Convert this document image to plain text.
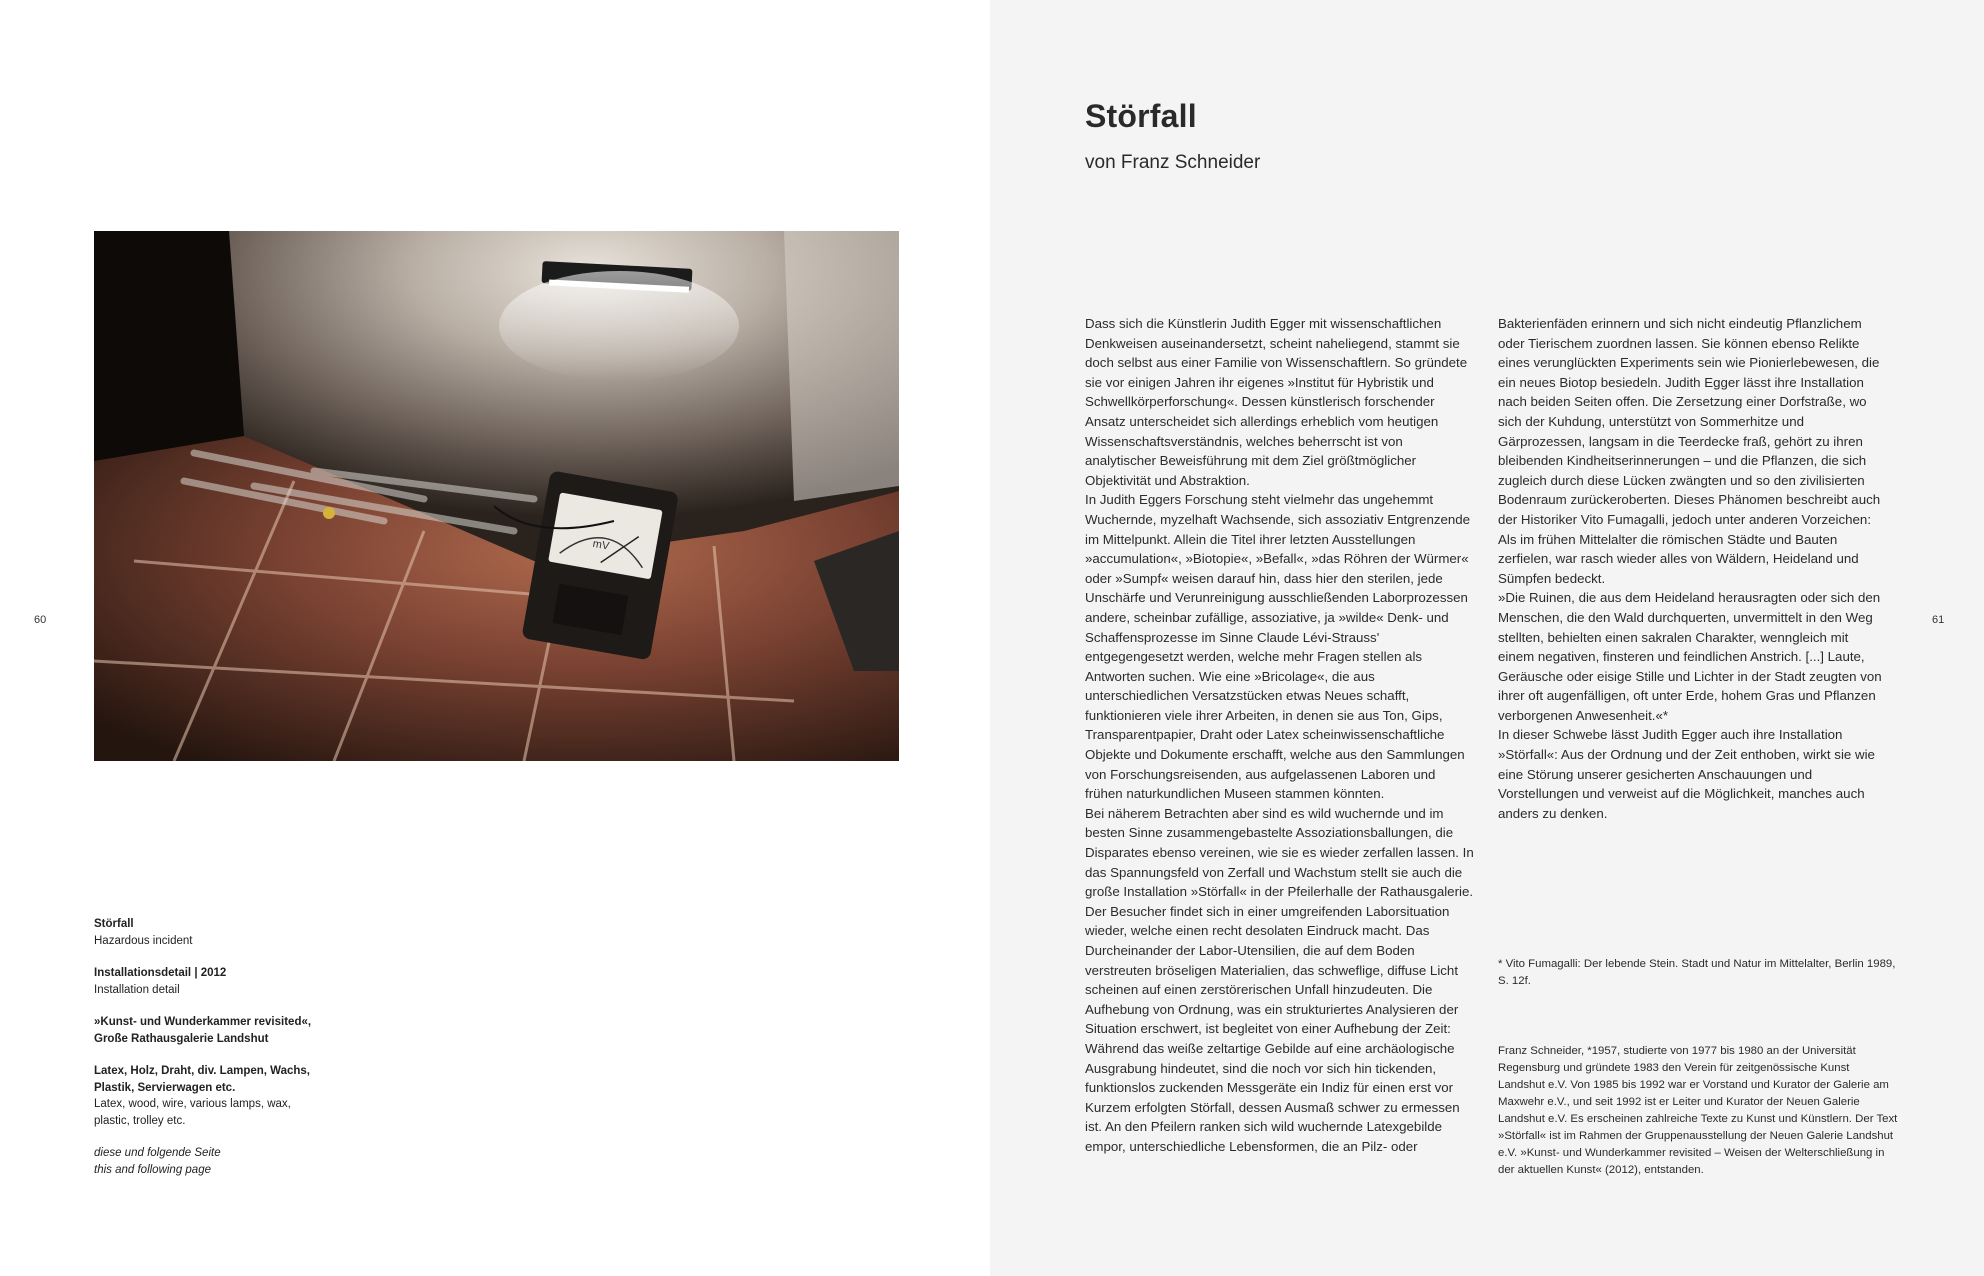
mV
60
Störfall
Hazardous incident
Installationsdetail | 2012
Installation detail
»Kunst- und Wunderkammer revisited«,
Große Rathausgalerie Landshut
Latex, Holz, Draht, div. Lampen, Wachs,
Plastik, Servierwagen etc.
Latex, wood, wire, various lamps, wax,
plastic, trolley etc.
diese und folgende Seite
this and following page
Störfall
von Franz Schneider

Dass sich die Künstlerin Judith Egger mit wissenschaftlichen Denkweisen auseinandersetzt, scheint naheliegend, stammt sie doch selbst aus einer Familie von Wissenschaftlern. So gründete sie vor einigen Jahren ihr eigenes »Institut für Hybristik und Schwellkörperforschung«. Dessen künstlerisch forschender Ansatz unterscheidet sich allerdings erheblich vom heutigen Wissenschaftsverständnis, welches beherrscht ist von analytischer Beweisführung mit dem Ziel größtmöglicher Objektivität und Abstraktion.

In Judith Eggers Forschung steht vielmehr das ungehemmt Wuchernde, myzelhaft Wachsende, sich assoziativ Entgrenzende im Mittelpunkt. Allein die Titel ihrer letzten Ausstellungen »accumulation«, »Biotopie«, »Befall«, »das Röhren der Würmer« oder »Sumpf« weisen darauf hin, dass hier den sterilen, jede Unschärfe und Verunreinigung ausschließenden Laborprozessen andere, scheinbar zufällige, assoziative, ja »wilde« Denk- und Schaffensprozesse im Sinne Claude Lévi-Strauss' entgegengesetzt werden, welche mehr Fragen stellen als Antworten suchen. Wie eine »Bricolage«, die aus unterschiedlichen Versatzstücken etwas Neues schafft, funktionieren viele ihrer Arbeiten, in denen sie aus Ton, Gips, Transparentpapier, Draht oder Latex scheinwissenschaftliche Objekte und Dokumente erschafft, welche aus den Sammlungen von Forschungsreisenden, aus aufgelassenen Laboren und frühen naturkundlichen Museen stammen könnten.

Bei näherem Betrachten aber sind es wild wuchernde und im besten Sinne zusammengebastelte Assoziationsballungen, die Disparates ebenso vereinen, wie sie es wieder zerfallen lassen. In das Spannungsfeld von Zerfall und Wachstum stellt sie auch die große Installation »Störfall« in der Pfeilerhalle der Rathausgalerie.

Der Besucher findet sich in einer umgreifenden Laborsituation wieder, welche einen recht desolaten Eindruck macht. Das Durcheinander der Labor-Utensilien, die auf dem Boden verstreuten bröseligen Materialien, das schweflige, diffuse Licht scheinen auf einen zerstörerischen Unfall hinzudeuten. Die Aufhebung von Ordnung, was ein strukturiertes Analysieren der Situation erschwert, ist begleitet von einer Aufhebung der Zeit: Während das weiße zeltartige Gebilde auf eine archäologische Ausgrabung hindeutet, sind die noch vor sich hin tickenden, funktionslos zuckenden Messgeräte ein Indiz für einen erst vor Kurzem erfolgten Störfall, dessen Ausmaß schwer zu ermessen ist. An den Pfeilern ranken sich wild wuchernde Latexgebilde empor, unterschiedliche Lebensformen, die an Pilz- oder

Bakterienfäden erinnern und sich nicht eindeutig Pflanzlichem oder Tierischem zuordnen lassen. Sie können ebenso Relikte eines verunglückten Experiments sein wie Pionierlebewesen, die ein neues Biotop besiedeln. Judith Egger lässt ihre Installation nach beiden Seiten offen. Die Zersetzung einer Dorfstraße, wo sich der Kuhdung, unterstützt von Sommerhitze und Gärprozessen, langsam in die Teerdecke fraß, gehört zu ihren bleibenden Kindheitserinnerungen – und die Pflanzen, die sich zugleich durch diese Lücken zwängten und so den zivilisierten Bodenraum zurückeroberten. Dieses Phänomen beschreibt auch der Historiker Vito Fumagalli, jedoch unter anderen Vorzeichen: Als im frühen Mittelalter die römischen Städte und Bauten zerfielen, war rasch wieder alles von Wäldern, Heideland und Sümpfen bedeckt.

»Die Ruinen, die aus dem Heideland herausragten oder sich den Menschen, die den Wald durchquerten, unvermittelt in den Weg stellten, behielten einen sakralen Charakter, wenngleich mit einem negativen, finsteren und feindlichen Anstrich. [...] Laute, Geräusche oder eisige Stille und Lichter in der Stadt zeugten von ihrer oft augenfälligen, oft unter Erde, hohem Gras und Pflanzen verborgenen Anwesenheit.«*

In dieser Schwebe lässt Judith Egger auch ihre Installation »Störfall«: Aus der Ordnung und der Zeit enthoben, wirkt sie wie eine Störung unserer gesicherten Anschauungen und Vorstellungen und verweist auf die Möglichkeit, manches auch anders zu denken.

* Vito Fumagalli: Der lebende Stein. Stadt und Natur im Mittelalter, Berlin 1989, S. 12f.
Franz Schneider, *1957, studierte von 1977 bis 1980 an der Universität Regensburg und gründete 1983 den Verein für zeitgenössische Kunst Landshut e.V. Von 1985 bis 1992 war er Vorstand und Kurator der Galerie am Maxwehr e.V., und seit 1992 ist er Leiter und Kurator der Neuen Galerie Landshut e.V. Es erscheinen zahlreiche Texte zu Kunst und Künstlern. Der Text »Störfall« ist im Rahmen der Gruppenausstellung der Neuen Galerie Landshut e.V. »Kunst- und Wunderkammer revisited – Weisen der Welterschließung in der aktuellen Kunst« (2012), entstanden.
61
